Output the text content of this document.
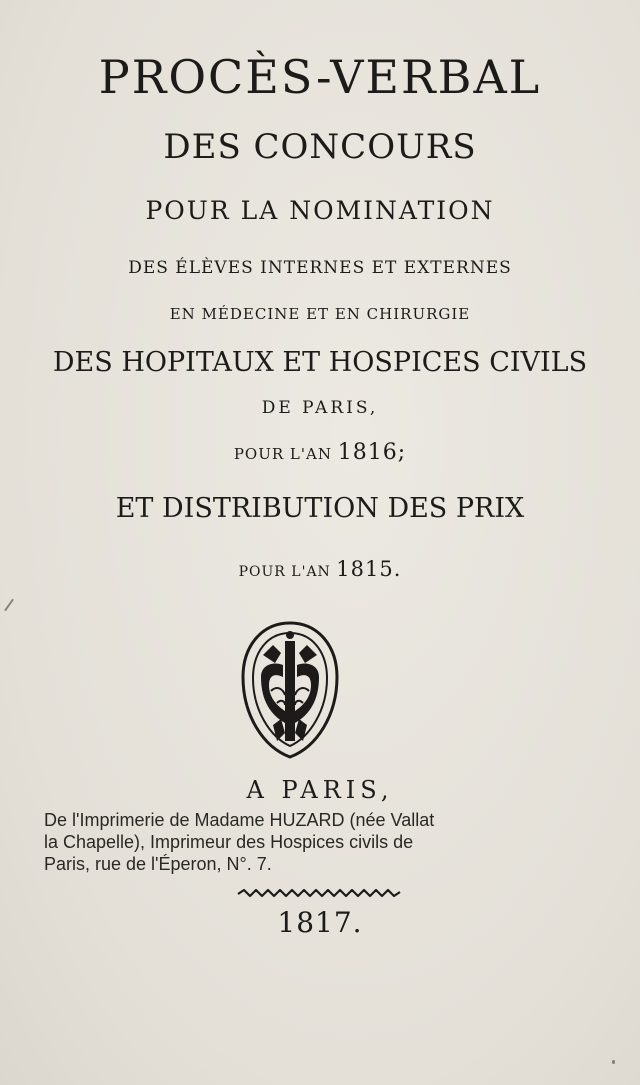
PROCÈS-VERBAL
DES CONCOURS
POUR LA NOMINATION
DES ÉLÈVES INTERNES ET EXTERNES
EN MÉDECINE ET EN CHIRURGIE
DES HOPITAUX ET HOSPICES CIVILS
DE PARIS,
POUR L'AN 1816;
ET DISTRIBUTION DES PRIX
POUR L'AN 1815.
A PARIS,
De l'Imprimerie de Madame HUZARD (née Vallat
la Chapelle), Imprimeur des Hospices civils de
Paris, rue de l'Éperon, N°. 7.
1817.
